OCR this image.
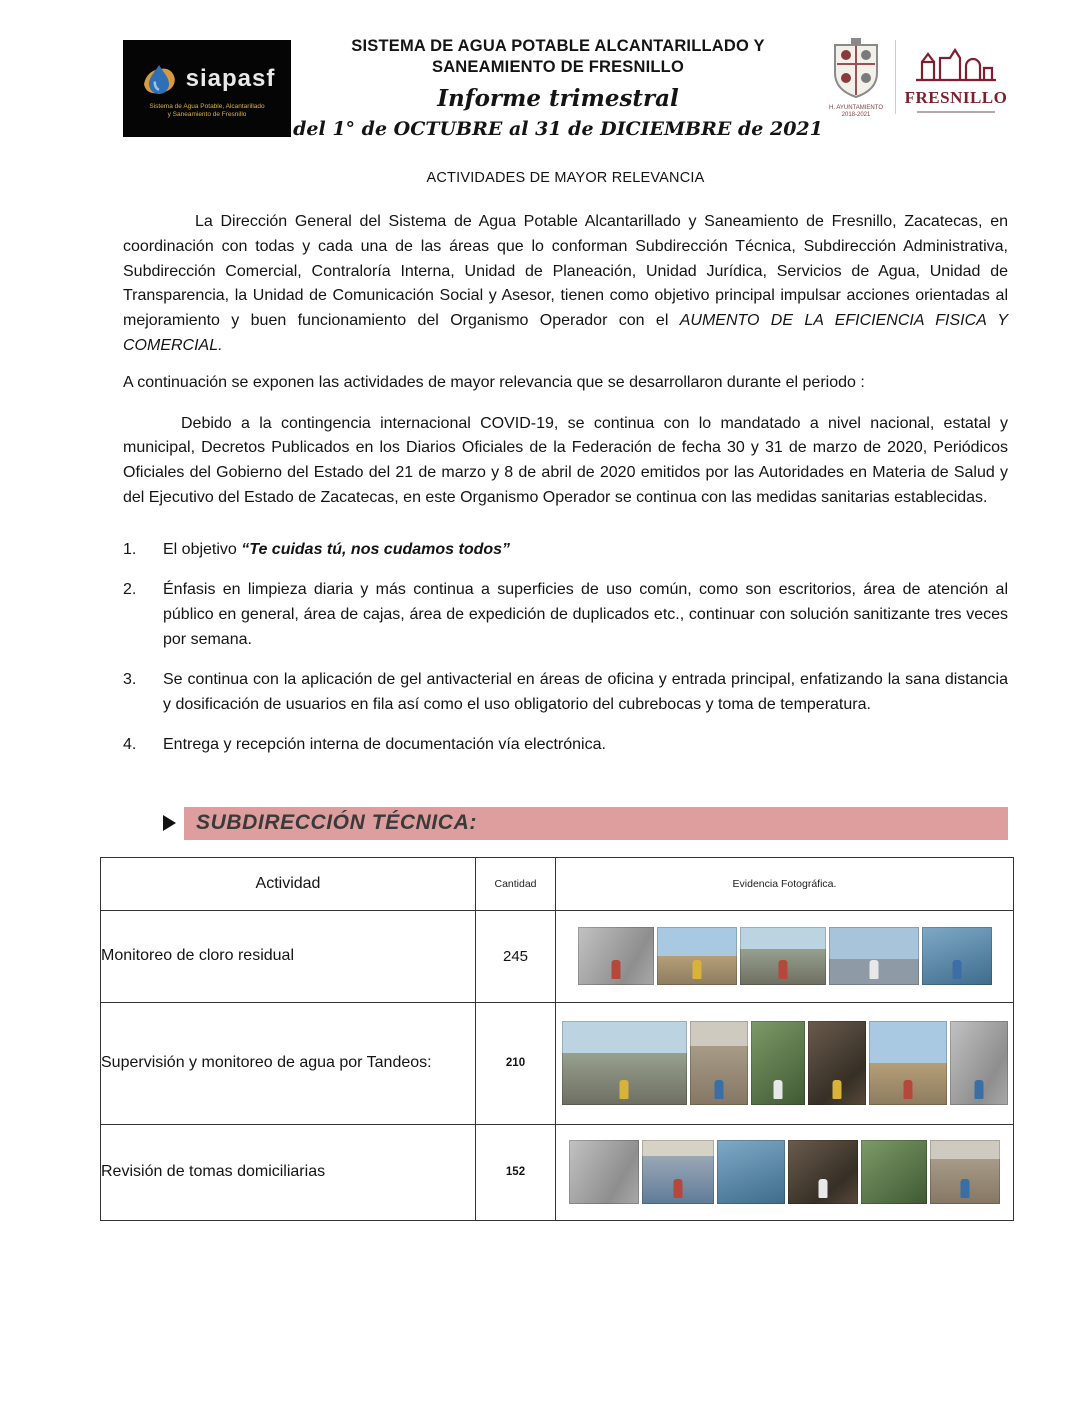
siapasf
Sistema de Agua Potable, Alcantarillado
y Saneamiento de Fresnillo
SISTEMA DE AGUA POTABLE ALCANTARILLADO Y
SANEAMIENTO DE FRESNILLO
Informe trimestral
del 1° de OCTUBRE al 31 de DICIEMBRE de 2021
H. AYUNTAMIENTO
2018-2021
FRESNILLO
ACTIVIDADES DE MAYOR RELEVANCIA
La Dirección General del Sistema de Agua Potable Alcantarillado y Saneamiento de Fresnillo, Zacatecas, en coordinación con todas y cada una de las áreas que lo conforman Subdirección Técnica, Subdirección Administrativa, Subdirección Comercial, Contraloría Interna, Unidad de Planeación, Unidad Jurídica, Servicios de Agua, Unidad de Transparencia, la Unidad de Comunicación Social y Asesor, tienen como objetivo principal impulsar acciones orientadas al mejoramiento y buen funcionamiento del Organismo Operador con el AUMENTO DE LA EFICIENCIA FISICA Y COMERCIAL.
A continuación se exponen las actividades de mayor relevancia que se desarrollaron durante el periodo :
Debido a la contingencia internacional COVID-19, se continua con lo mandatado a nivel nacional, estatal y municipal, Decretos Publicados en los Diarios Oficiales de la Federación de fecha 30 y 31 de marzo de 2020, Periódicos Oficiales del Gobierno del Estado del 21 de marzo y 8 de abril de 2020 emitidos por las Autoridades en Materia de Salud y del Ejecutivo del Estado de Zacatecas, en este Organismo Operador se continua con las medidas sanitarias establecidas.
1.	El objetivo “Te cuidas tú, nos cudamos todos”
2.	Énfasis en limpieza diaria y más continua a superficies de uso común, como son escritorios, área de atención al público en general, área de cajas, área de expedición de duplicados etc., continuar con solución sanitizante tres veces por semana.
3.	Se continua con la aplicación de gel antivacterial en áreas de oficina y entrada principal, enfatizando la sana distancia y dosificación de usuarios en fila así como el uso obligatorio del cubrebocas y toma de temperatura.
4.	Entrega y recepción interna de documentación vía electrónica.
SUBDIRECCIÓN TÉCNICA:
Actividad	Cantidad	Evidencia Fotográfica.
Monitoreo de cloro residual	245	

Supervisión y monitoreo de agua por Tandeos:	210	

Revisión de tomas domiciliarias	152	
